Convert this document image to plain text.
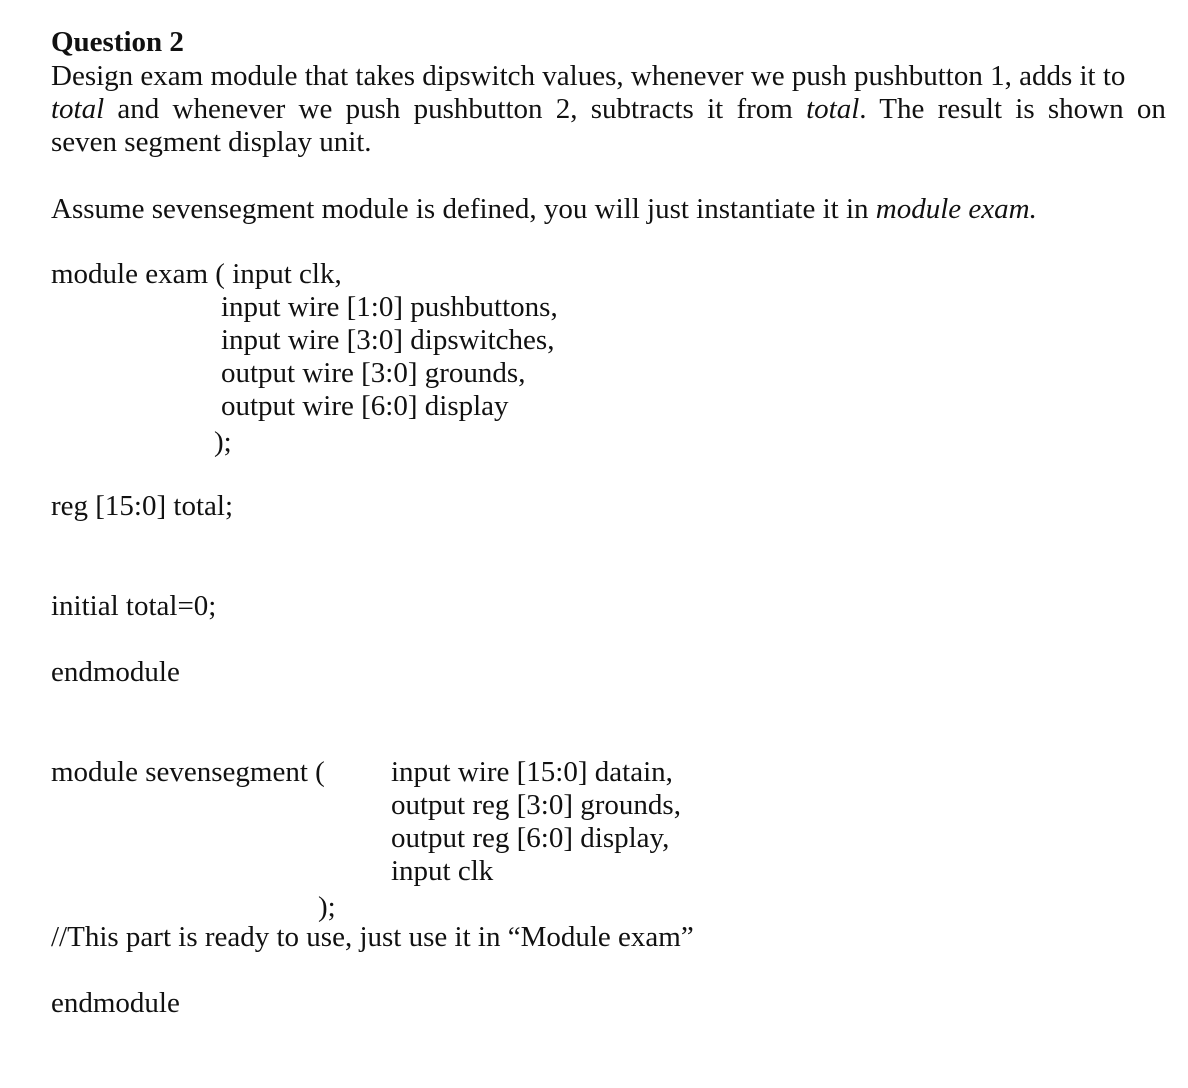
Question 2
Design exam module that takes dipswitch values, whenever we push pushbutton 1, adds it to
total and whenever we push pushbutton 2, subtracts it from total. The result is shown on
seven segment display unit.
Assume sevensegment module is defined, you will just instantiate it in module exam.
module exam ( input clk,
input wire [1:0] pushbuttons,
input wire [3:0] dipswitches,
output wire [3:0] grounds,
output wire [6:0] display
);
reg [15:0] total;
initial total=0;
endmodule
module sevensegment ( input wire [15:0] datain,
output reg [3:0] grounds,
output reg [6:0] display,
input clk
);
//This part is ready to use, just use it in “Module exam”
endmodule
